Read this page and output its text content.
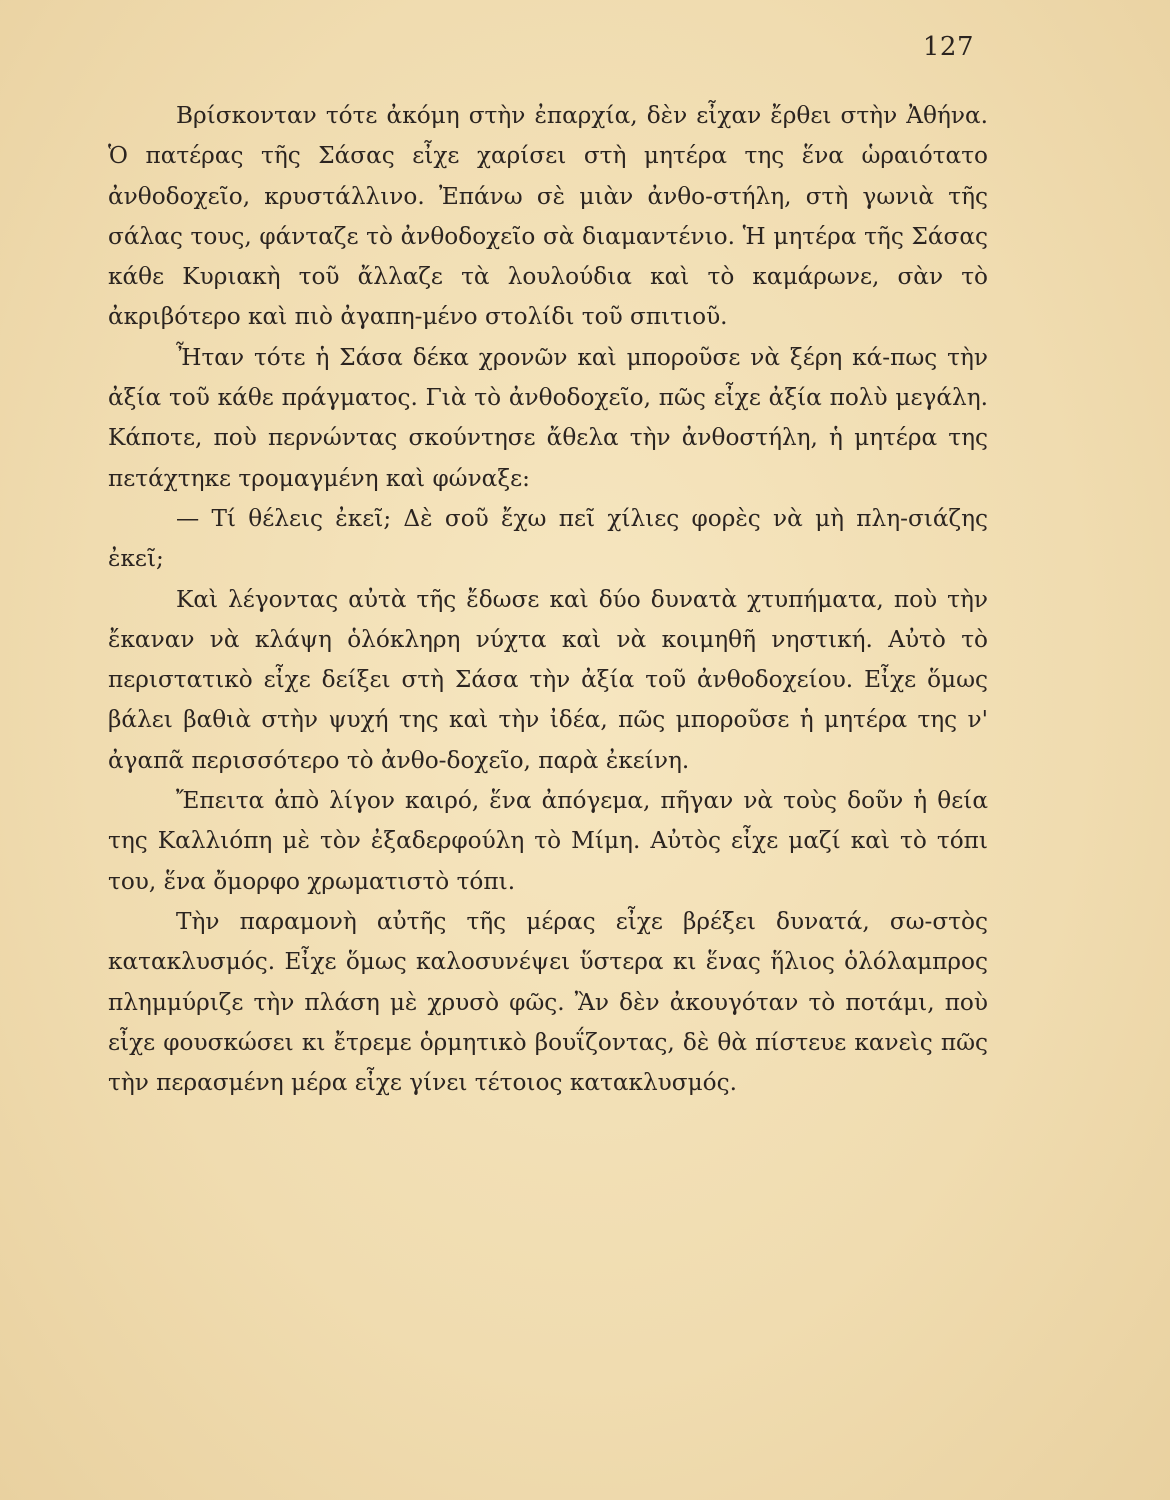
127

Βρίσκονταν τότε ἀκόμη στὴν ἐπαρχία, δὲν εἶχαν ἔρθει στὴν Ἀθήνα. Ὁ πατέρας τῆς Σάσας εἶχε χαρίσει στὴ μητέρα της ἕνα ὡραιότατο ἀνθοδοχεῖο, κρυστάλλινο. Ἐπάνω σὲ μιὰν ἀνθο-στήλη, στὴ γωνιὰ τῆς σάλας τους, φάνταζε τὸ ἀνθοδοχεῖο σὰ διαμαντένιο. Ἡ μητέρα τῆς Σάσας κάθε Κυριακὴ τοῦ ἄλλαζε τὰ λουλούδια καὶ τὸ καμάρωνε, σὰν τὸ ἀκριβότερο καὶ πιὸ ἀγαπη-μένο στολίδι τοῦ σπιτιοῦ.

Ἦταν τότε ἡ Σάσα δέκα χρονῶν καὶ μποροῦσε νὰ ξέρη κά-πως τὴν ἀξία τοῦ κάθε πράγματος. Γιὰ τὸ ἀνθοδοχεῖο, πῶς εἶχε ἀξία πολὺ μεγάλη. Κάποτε, ποὺ περνώντας σκούντησε ἄθελα τὴν ἀνθοστήλη, ἡ μητέρα της πετάχτηκε τρομαγμένη καὶ φώναξε:

— Τί θέλεις ἐκεῖ; Δὲ σοῦ ἔχω πεῖ χίλιες φορὲς νὰ μὴ πλη-σιάζης ἐκεῖ;

Καὶ λέγοντας αὐτὰ τῆς ἔδωσε καὶ δύο δυνατὰ χτυπήματα, ποὺ τὴν ἔκαναν νὰ κλάψη ὁλόκληρη νύχτα καὶ νὰ κοιμηθῆ νηστική. Αὐτὸ τὸ περιστατικὸ εἶχε δείξει στὴ Σάσα τὴν ἀξία τοῦ ἀνθοδοχείου. Εἶχε ὅμως βάλει βαθιὰ στὴν ψυχή της καὶ τὴν ἰδέα, πῶς μποροῦσε ἡ μητέρα της ν' ἀγαπᾶ περισσότερο τὸ ἀνθο-δοχεῖο, παρὰ ἐκείνη.

Ἔπειτα ἀπὸ λίγον καιρό, ἕνα ἀπόγεμα, πῆγαν νὰ τοὺς δοῦν ἡ θεία της Καλλιόπη μὲ τὸν ἐξαδερφούλη τὸ Μίμη. Αὐτὸς εἶχε μαζί καὶ τὸ τόπι του, ἕνα ὄμορφο χρωματιστὸ τόπι.

Τὴν παραμονὴ αὐτῆς τῆς μέρας εἶχε βρέξει δυνατά, σω-στὸς κατακλυσμός. Εἶχε ὅμως καλοσυνέψει ὕστερα κι ἕνας ἥλιος ὁλόλαμπρος πλημμύριζε τὴν πλάση μὲ χρυσὸ φῶς. Ἂν δὲν ἀκουγόταν τὸ ποτάμι, ποὺ εἶχε φουσκώσει κι ἔτρεμε ὁρμητικὸ βουΐζοντας, δὲ θὰ πίστευε κανεὶς πῶς τὴν περασμένη μέρα εἶχε γίνει τέτοιος κατακλυσμός.
